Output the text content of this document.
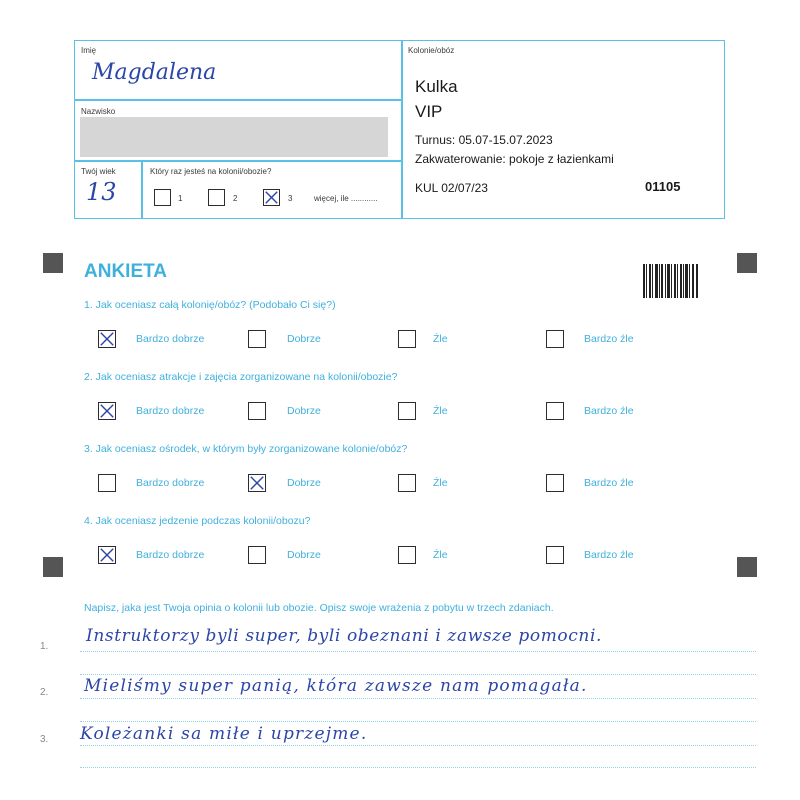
Imię
Magdalena
Nazwisko
Twój wiek
13
Który raz jesteś na kolonii/obozie?
1	2	3	więcej, ile ............
Kolonie/obóz
Kulka
VIP
Turnus: 05.07-15.07.2023
Zakwaterowanie: pokoje z łazienkami
KUL 02/07/23	01105
ANKIETA
1. Jak oceniasz całą kolonię/obóz? (Podobało Ci się?)
Bardzo dobrze	Dobrze	Źle	Bardzo źle
2. Jak oceniasz atrakcje i zajęcia zorganizowane na kolonii/obozie?
Bardzo dobrze	Dobrze	Źle	Bardzo źle
3. Jak oceniasz ośrodek, w którym były zorganizowane kolonie/obóz?
Bardzo dobrze	Dobrze	Źle	Bardzo źle
4. Jak oceniasz jedzenie podczas kolonii/obozu?
Bardzo dobrze	Dobrze	Źle	Bardzo źle
Napisz, jaka jest Twoja opinia o kolonii lub obozie. Opisz swoje wrażenia z pobytu w trzech zdaniach.
1.
Instruktorzy byli super, byli obeznani i zawsze pomocni.
2. Mieliśmy super panią, która zawsze nam pomagała.
3. Koleżanki sa miłe i uprzejme.
